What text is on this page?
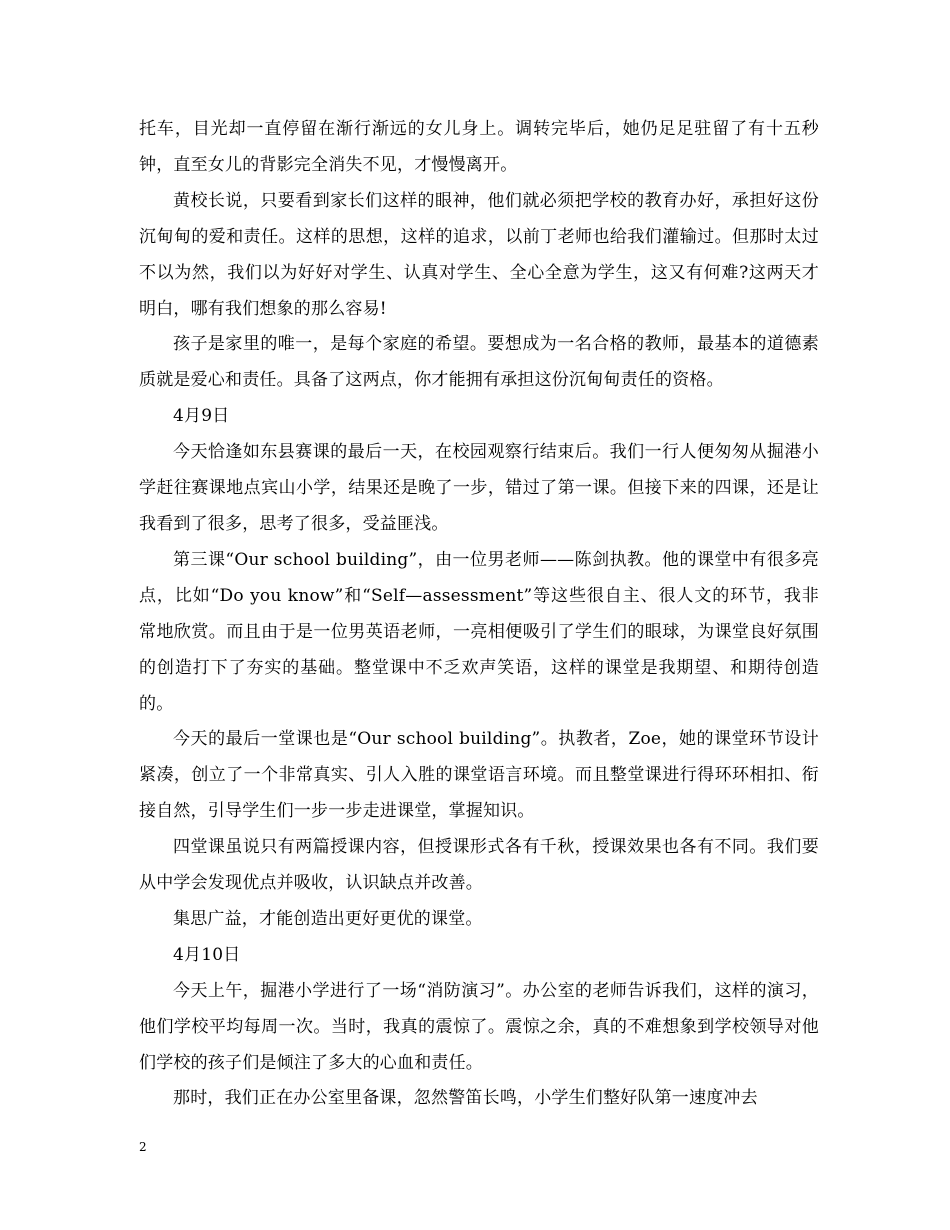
托车，目光却一直停留在渐行渐远的女儿身上。调转完毕后，她仍足足驻留了有十五秒钟，直至女儿的背影完全消失不见，才慢慢离开。

黄校长说，只要看到家长们这样的眼神，他们就必须把学校的教育办好，承担好这份沉甸甸的爱和责任。这样的思想，这样的追求，以前丁老师也给我们灌输过。但那时太过不以为然，我们以为好好对学生、认真对学生、全心全意为学生，这又有何难?这两天才明白，哪有我们想象的那么容易!

孩子是家里的唯一，是每个家庭的希望。要想成为一名合格的教师，最基本的道德素质就是爱心和责任。具备了这两点，你才能拥有承担这份沉甸甸责任的资格。

4月9日

今天恰逢如东县赛课的最后一天，在校园观察行结束后。我们一行人便匆匆从掘港小学赶往赛课地点宾山小学，结果还是晚了一步，错过了第一课。但接下来的四课，还是让我看到了很多，思考了很多，受益匪浅。

第三课“Our school building”，由一位男老师——陈剑执教。他的课堂中有很多亮点，比如“Do you know”和“Self—assessment”等这些很自主、很人文的环节，我非常地欣赏。而且由于是一位男英语老师，一亮相便吸引了学生们的眼球，为课堂良好氛围的创造打下了夯实的基础。整堂课中不乏欢声笑语，这样的课堂是我期望、和期待创造的。

今天的最后一堂课也是“Our school building”。执教者，Zoe，她的课堂环节设计紧凑，创立了一个非常真实、引人入胜的课堂语言环境。而且整堂课进行得环环相扣、衔接自然，引导学生们一步一步走进课堂，掌握知识。

四堂课虽说只有两篇授课内容，但授课形式各有千秋，授课效果也各有不同。我们要从中学会发现优点并吸收，认识缺点并改善。

集思广益，才能创造出更好更优的课堂。

4月10日

今天上午，掘港小学进行了一场“消防演习”。办公室的老师告诉我们，这样的演习，他们学校平均每周一次。当时，我真的震惊了。震惊之余，真的不难想象到学校领导对他们学校的孩子们是倾注了多大的心血和责任。

那时，我们正在办公室里备课，忽然警笛长鸣，小学生们整好队第一速度冲去

2
